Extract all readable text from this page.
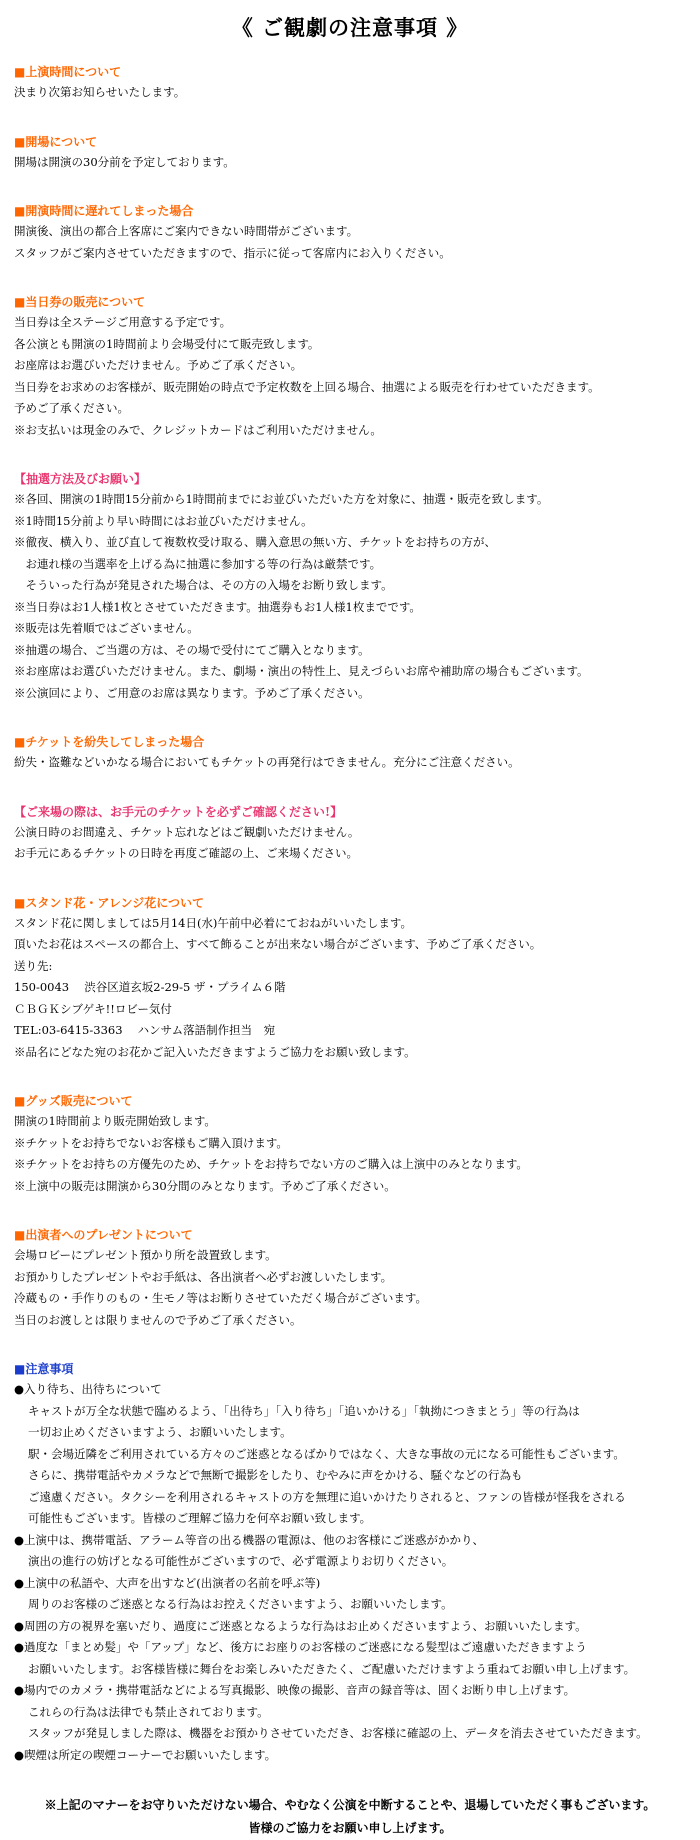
《 ご観劇の注意事項 》
■上演時間について
決まり次第お知らせいたします。
■開場について
開場は開演の30分前を予定しております。
■開演時間に遅れてしまった場合
開演後、演出の都合上客席にご案内できない時間帯がございます。
スタッフがご案内させていただきますので、指示に従って客席内にお入りください。
■当日券の販売について
当日券は全ステージご用意する予定です。
各公演とも開演の1時間前より会場受付にて販売致します。
お座席はお選びいただけません。予めご了承ください。
当日券をお求めのお客様が、販売開始の時点で予定枚数を上回る場合、抽選による販売を行わせていただきます。
予めご了承ください。
※お支払いは現金のみで、クレジットカードはご利用いただけません。
【抽選方法及びお願い】
※各回、開演の1時間15分前から1時間前までにお並びいただいた方を対象に、抽選・販売を致します。
※1時間15分前より早い時間にはお並びいただけません。
※徹夜、横入り、並び直して複数枚受け取る、購入意思の無い方、チケットをお持ちの方が、
　お連れ様の当選率を上げる為に抽選に参加する等の行為は厳禁です。
　そういった行為が発見された場合は、その方の入場をお断り致します。
※当日券はお1人様1枚とさせていただきます。抽選券もお1人様1枚までです。
※販売は先着順ではございません。
※抽選の場合、ご当選の方は、その場で受付にてご購入となります。
※お座席はお選びいただけません。また、劇場・演出の特性上、見えづらいお席や補助席の場合もございます。
※公演回により、ご用意のお席は異なります。予めご了承ください。
■チケットを紛失してしまった場合
紛失・盗難などいかなる場合においてもチケットの再発行はできません。充分にご注意ください。
【ご来場の際は、お手元のチケットを必ずご確認ください!】
公演日時のお間違え、チケット忘れなどはご観劇いただけません。
お手元にあるチケットの日時を再度ご確認の上、ご来場ください。
■スタンド花・アレンジ花について
スタンド花に関しましては5月14日(水)午前中必着にておねがいいたします。
頂いたお花はスペースの都合上、すべて飾ることが出来ない場合がございます、予めご了承ください。
送り先:
150-0043　 渋谷区道玄坂2-29-5 ザ・プライム６階
ＣＢＧＫシブゲキ!!ロビー気付
TEL:03-6415-3363　 ハンサム落語制作担当　宛
※品名にどなた宛のお花かご記入いただきますようご協力をお願い致します。
■グッズ販売について
開演の1時間前より販売開始致します。
※チケットをお持ちでないお客様もご購入頂けます。
※チケットをお持ちの方優先のため、チケットをお持ちでない方のご購入は上演中のみとなります。
※上演中の販売は開演から30分間のみとなります。予めご了承ください。
■出演者へのプレゼントについて
会場ロビーにプレゼント預かり所を設置致します。
お預かりしたプレゼントやお手紙は、各出演者へ必ずお渡しいたします。
冷蔵もの・手作りのもの・生モノ等はお断りさせていただく場合がございます。
当日のお渡しとは限りませんので予めご了承ください。
■注意事項
●入り待ち、出待ちについて
キャストが万全な状態で臨めるよう、「出待ち」「入り待ち」「追いかける」「執拗につきまとう」等の行為は
一切お止めくださいますよう、お願いいたします。
駅・会場近隣をご利用されている方々のご迷惑となるばかりではなく、大きな事故の元になる可能性もございます。
さらに、携帯電話やカメラなどで無断で撮影をしたり、むやみに声をかける、騒ぐなどの行為も
ご遠慮ください。タクシーを利用されるキャストの方を無理に追いかけたりされると、ファンの皆様が怪我をされる
可能性もございます。皆様のご理解ご協力を何卒お願い致します。
●上演中は、携帯電話、アラーム等音の出る機器の電源は、他のお客様にご迷惑がかかり、
演出の進行の妨げとなる可能性がございますので、必ず電源よりお切りください。
●上演中の私語や、大声を出すなど(出演者の名前を呼ぶ等)
周りのお客様のご迷惑となる行為はお控えくださいますよう、お願いいたします。
●周囲の方の視界を塞いだり、過度にご迷惑となるような行為はお止めくださいますよう、お願いいたします。
●過度な「まとめ髪」や「アップ」など、後方にお座りのお客様のご迷惑になる髪型はご遠慮いただきますよう
お願いいたします。お客様皆様に舞台をお楽しみいただきたく、ご配慮いただけますよう重ねてお願い申し上げます。
●場内でのカメラ・携帯電話などによる写真撮影、映像の撮影、音声の録音等は、固くお断り申し上げます。
これらの行為は法律でも禁止されております。
スタッフが発見しました際は、機器をお預かりさせていただき、お客様に確認の上、データを消去させていただきます。
●喫煙は所定の喫煙コーナーでお願いいたします。
※上記のマナーをお守りいただけない場合、やむなく公演を中断することや、退場していただく事もございます。
皆様のご協力をお願い申し上げます。
